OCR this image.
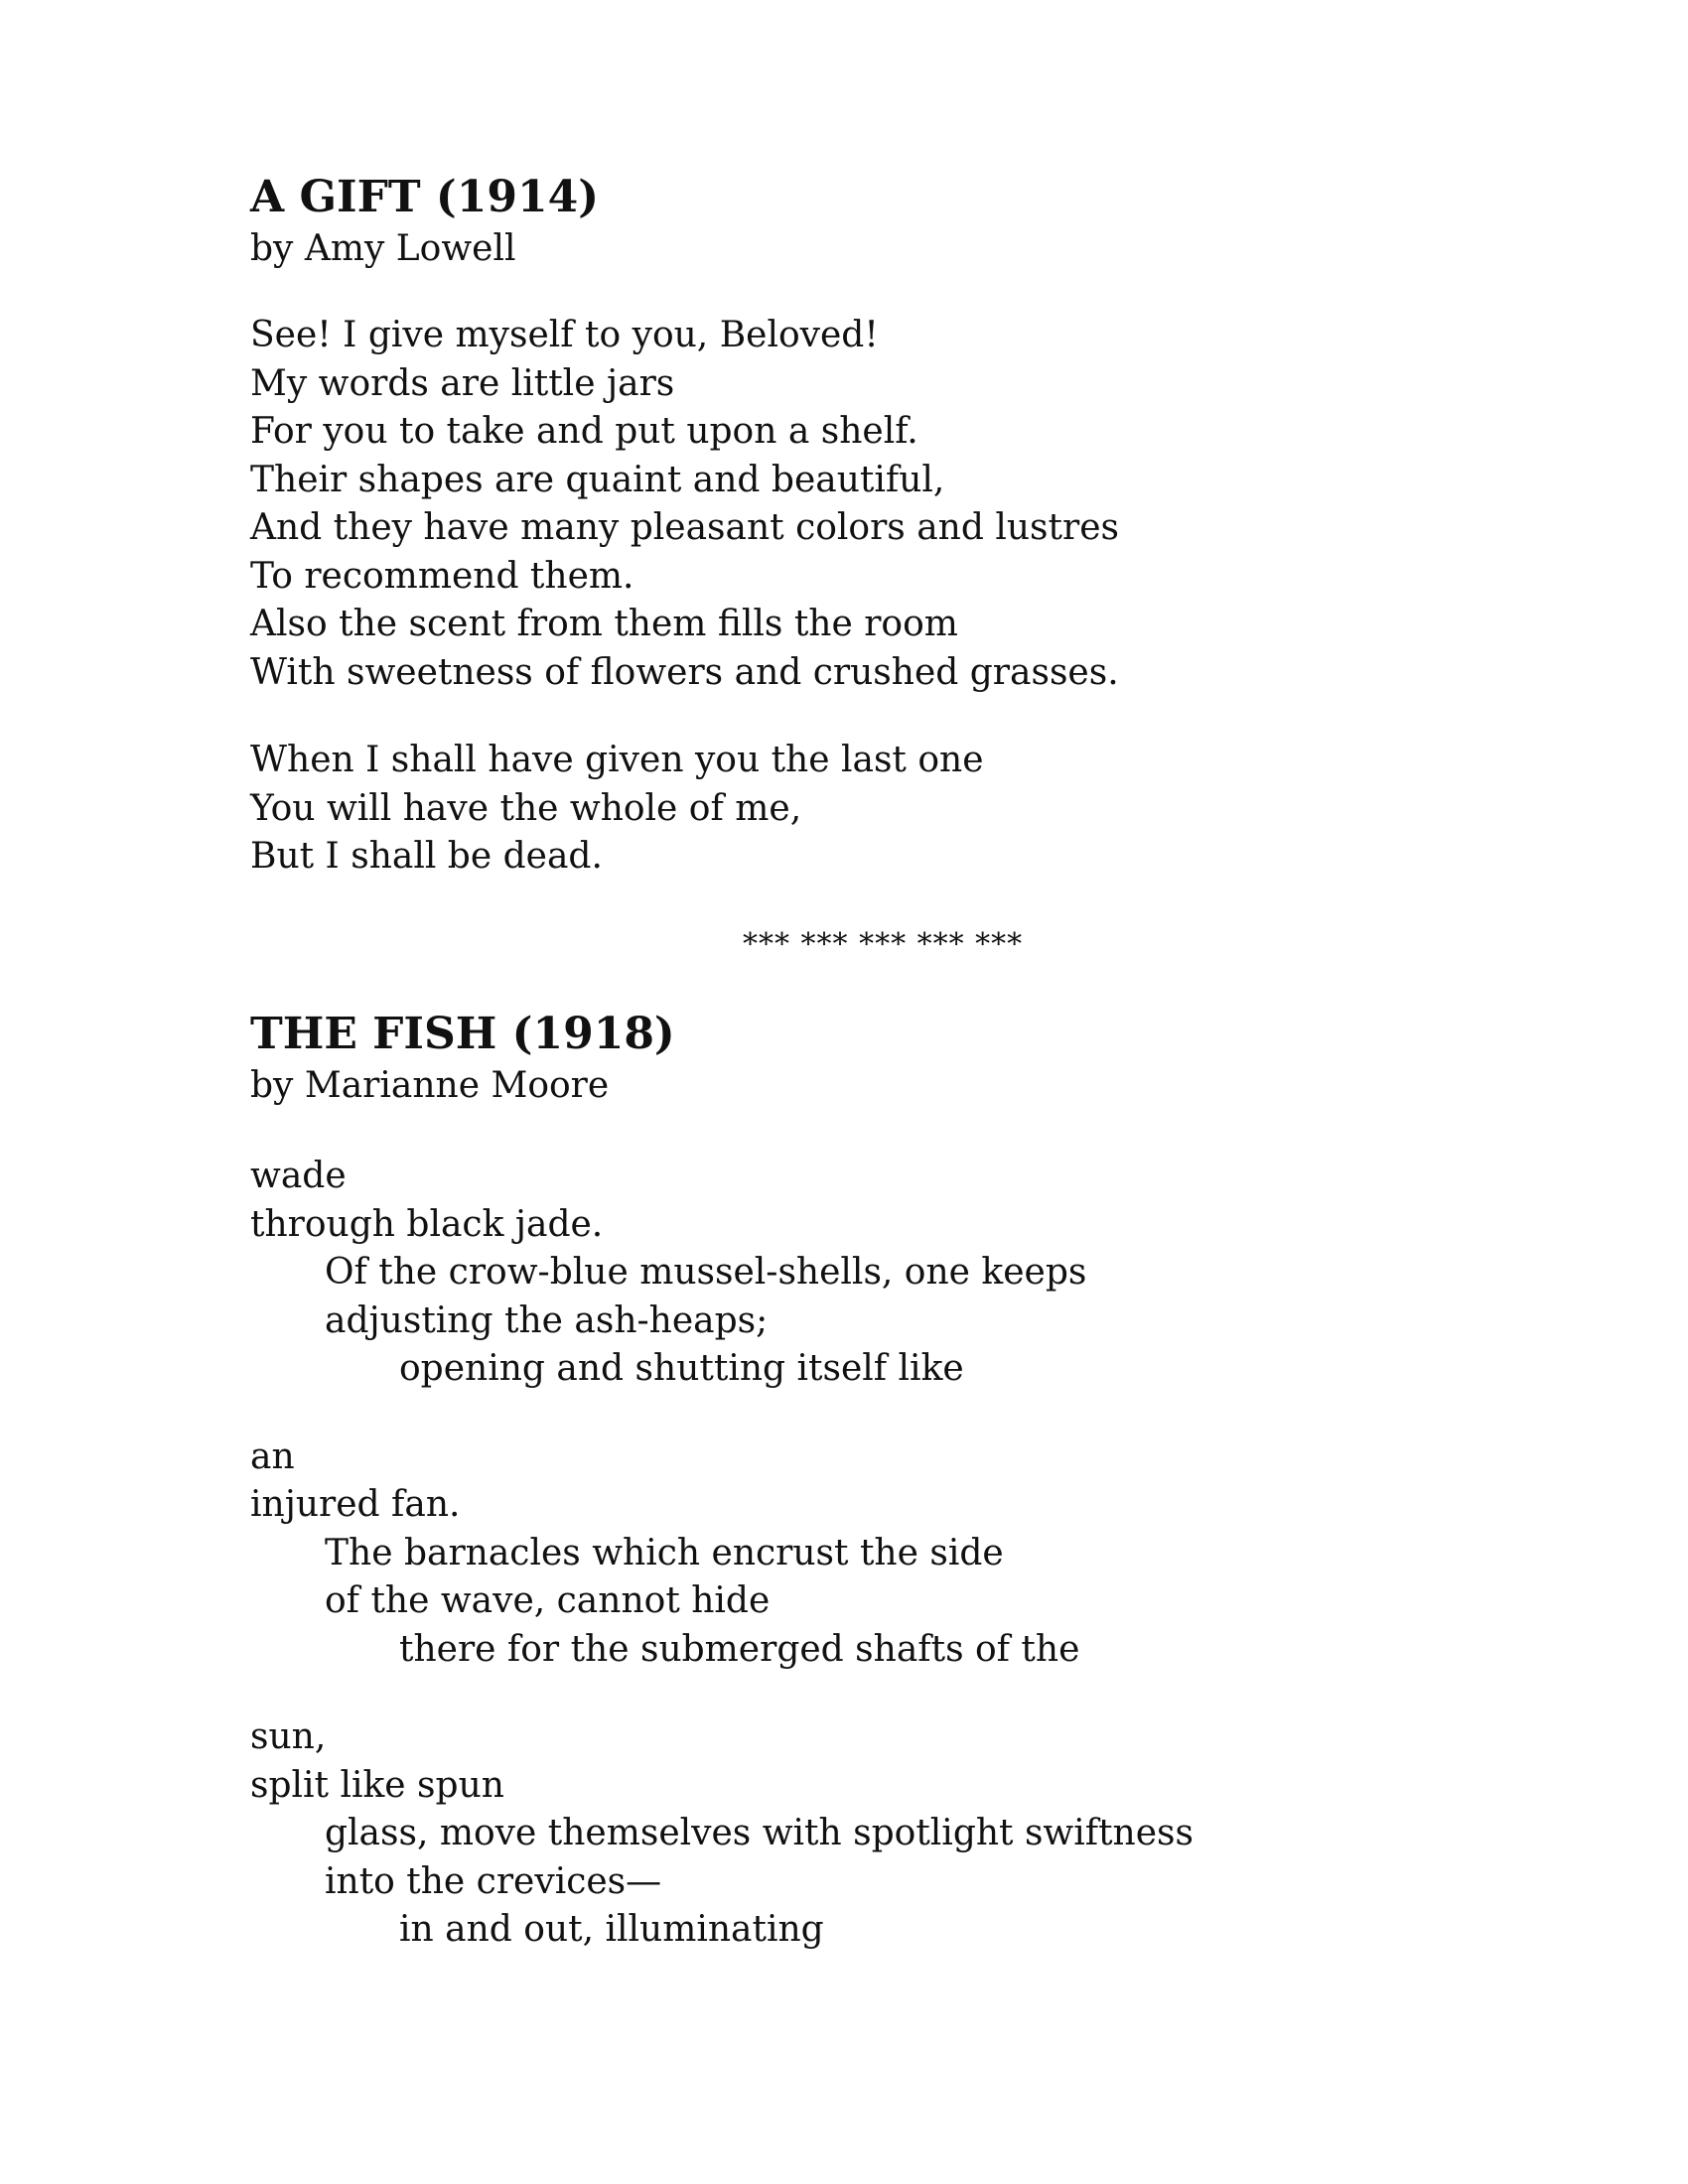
A GIFT (1914)

by Amy Lowell

See! I give myself to you, Beloved!
My words are little jars
For you to take and put upon a shelf.
Their shapes are quaint and beautiful,
And they have many pleasant colors and lustres
To recommend them.
Also the scent from them fills the room
With sweetness of flowers and crushed grasses.
When I shall have given you the last one
You will have the whole of me,
But I shall be dead.
*** *** *** *** ***
THE FISH (1918)

by Marianne Moore

wade
through black jade.
Of the crow-blue mussel-shells, one keeps
adjusting the ash-heaps;
opening and shutting itself like
an
injured fan.
The barnacles which encrust the side
of the wave, cannot hide
there for the submerged shafts of the
sun,
split like spun
glass, move themselves with spotlight swiftness
into the crevices—
in and out, illuminating
